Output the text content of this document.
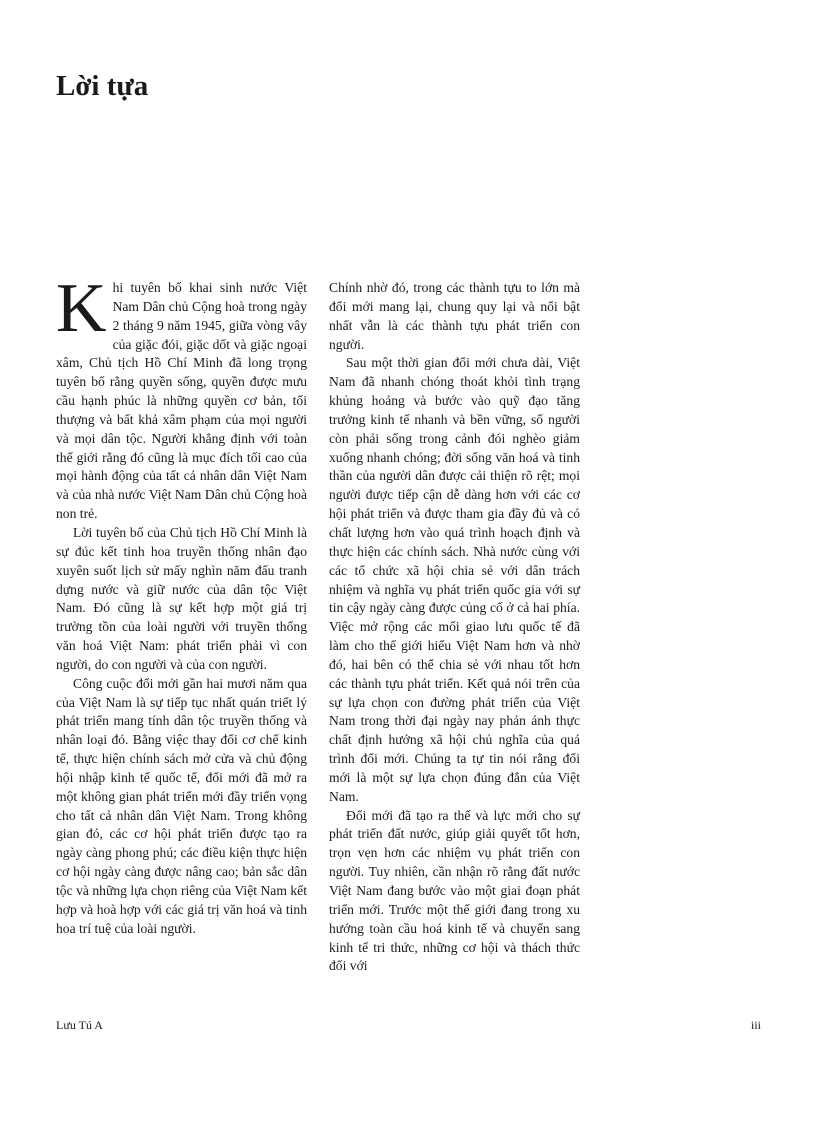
Lời tựa

Khi tuyên bố khai sinh nước Việt Nam Dân chủ Cộng hoà trong ngày 2 tháng 9 năm 1945, giữa vòng vây của giặc đói, giặc dốt và giặc ngoại xâm, Chủ tịch Hồ Chí Minh đã long trọng tuyên bố rằng quyền sống, quyền được mưu cầu hạnh phúc là những quyền cơ bản, tối thượng và bất khả xâm phạm của mọi người và mọi dân tộc. Người khẳng định với toàn thế giới rằng đó cũng là mục đích tối cao của mọi hành động của tất cả nhân dân Việt Nam và của nhà nước Việt Nam Dân chủ Cộng hoà non trẻ.

Lời tuyên bố của Chủ tịch Hồ Chí Minh là sự đúc kết tinh hoa truyền thống nhân đạo xuyên suốt lịch sử mấy nghìn năm đấu tranh dựng nước và giữ nước của dân tộc Việt Nam. Đó cũng là sự kết hợp một giá trị trường tồn của loài người với truyền thống văn hoá Việt Nam: phát triển phải vì con người, do con người và của con người.

Công cuộc đổi mới gần hai mươi năm qua của Việt Nam là sự tiếp tục nhất quán triết lý phát triển mang tính dân tộc truyền thống và nhân loại đó. Bằng việc thay đổi cơ chế kinh tế, thực hiện chính sách mở cửa và chủ động hội nhập kinh tế quốc tế, đổi mới đã mở ra một không gian phát triển mới đầy triển vọng cho tất cả nhân dân Việt Nam. Trong không gian đó, các cơ hội phát triển được tạo ra ngày càng phong phú; các điều kiện thực hiện cơ hội ngày càng được nâng cao; bản sắc dân tộc và những lựa chọn riêng của Việt Nam kết hợp và hoà hợp với các giá trị văn hoá và tinh hoa trí tuệ của loài người.

Chính nhờ đó, trong các thành tựu to lớn mà đổi mới mang lại, chung quy lại và nổi bật nhất vẫn là các thành tựu phát triển con người.

Sau một thời gian đổi mới chưa dài, Việt Nam đã nhanh chóng thoát khỏi tình trạng khủng hoảng và bước vào quỹ đạo tăng trưởng kinh tế nhanh và bền vững, số người còn phải sống trong cảnh đói nghèo giảm xuống nhanh chóng; đời sống văn hoá và tinh thần của người dân được cải thiện rõ rệt; mọi người được tiếp cận dễ dàng hơn với các cơ hội phát triển và được tham gia đầy đủ và có chất lượng hơn vào quá trình hoạch định và thực hiện các chính sách. Nhà nước cùng với các tổ chức xã hội chia sẻ với dân trách nhiệm và nghĩa vụ phát triển quốc gia với sự tin cậy ngày càng được củng cố ở cả hai phía. Việc mở rộng các mối giao lưu quốc tế đã làm cho thế giới hiểu Việt Nam hơn và nhờ đó, hai bên có thể chia sẻ với nhau tốt hơn các thành tựu phát triển. Kết quả nói trên của sự lựa chọn con đường phát triển của Việt Nam trong thời đại ngày nay phản ánh thực chất định hướng xã hội chủ nghĩa của quá trình đổi mới. Chúng ta tự tin nói rằng đổi mới là một sự lựa chọn đúng đắn của Việt Nam.

Đổi mới đã tạo ra thế và lực mới cho sự phát triển đất nước, giúp giải quyết tốt hơn, trọn vẹn hơn các nhiệm vụ phát triển con người. Tuy nhiên, cần nhận rõ rằng đất nước Việt Nam đang bước vào một giai đoạn phát triển mới. Trước một thế giới đang trong xu hướng toàn cầu hoá kinh tế và chuyển sang kinh tế tri thức, những cơ hội và thách thức đối với

Lưu Tú A	iii
